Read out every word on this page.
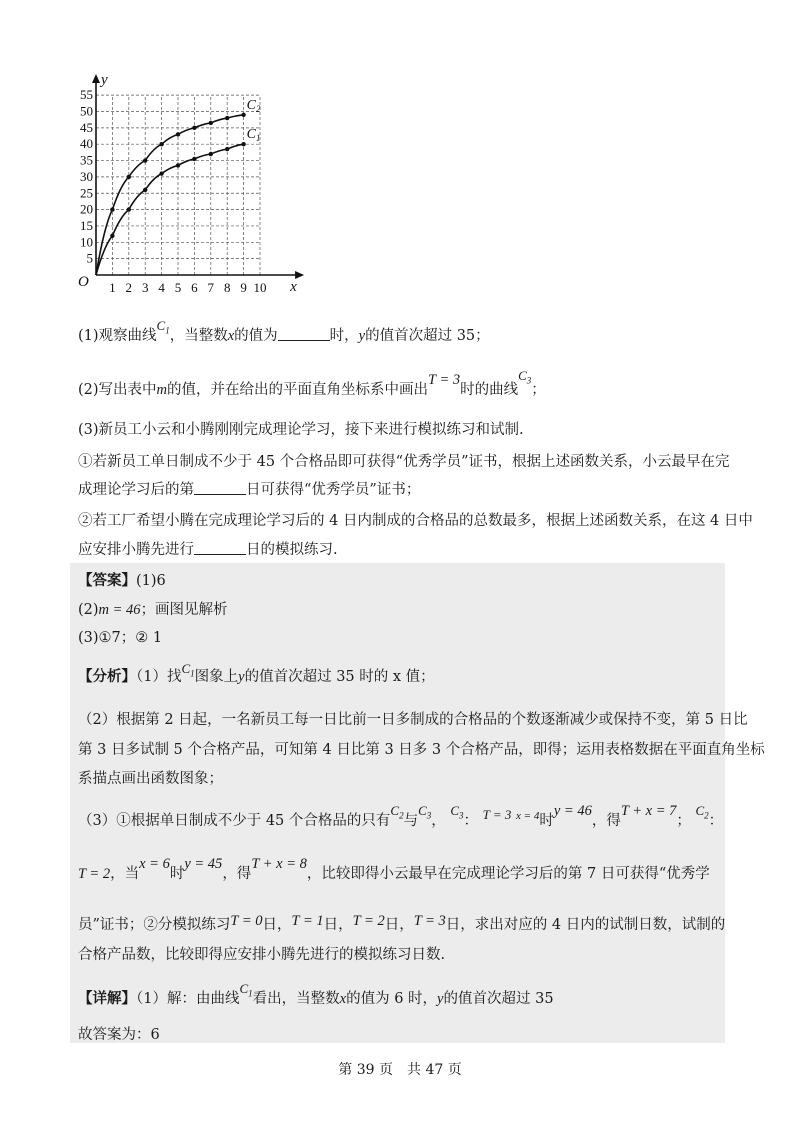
1 2 3 4 5 6 7 8 9 10
5
10
15
20
25
30
35
40
45
50
55
O	x
y
$C_2$
$C_1$
(1)观察曲线$C_1$，当整数x的值为	时，y的值首次超过 35；
(2)写出表中m的值，并在给出的平面直角坐标系中画出T = 3时的曲线$C_3$；
(3)新员工小云和小腾刚刚完成理论学习，接下来进行模拟练习和试制.
①若新员工单日制成不少于 45 个合格品即可获得“优秀学员”证书，根据上述函数关系，小云最早在完
成理论学习后的第	日可获得“优秀学员”证书；
②若工厂希望小腾在完成理论学习后的 4 日内制成的合格品的总数最多，根据上述函数关系，在这 4 日中
应安排小腾先进行	日的模拟练习.
【答案】(1)6
(2)m = 46；画图见解析
(3)①7；② 1
【分析】（1）找$C_1$图象上y的值首次超过 35 时的 x 值；
（2）根据第 2 日起，一名新员工每一日比前一日多制成的合格品的个数逐渐减少或保持不变，第 5 日比
第 3 日多试制 5 个合格产品，可知第 4 日比第 3 日多 3 个合格产品，即得；运用表格数据在平面直角坐标
系描点画出函数图象；
（3）①根据单日制成不少于 45 个合格品的只有$C_2$与$C_3$， $C_3$： T = 3 $^{x = 4}$时y = 46，得T + x = 7； $C_2$：
T = 2，当x = 6时y = 45，得T + x = 8，比较即得小云最早在完成理论学习后的第 7 日可获得“优秀学
员”证书；②分模拟练习T = 0日，T = 1日，T = 2日，T = 3日，求出对应的 4 日内的试制日数，试制的
合格产品数，比较即得应安排小腾先进行的模拟练习日数.
【详解】（1）解：由曲线$C_1$看出，当整数x的值为 6 时，y的值首次超过 35
故答案为：6
第 39 页　共 47 页
